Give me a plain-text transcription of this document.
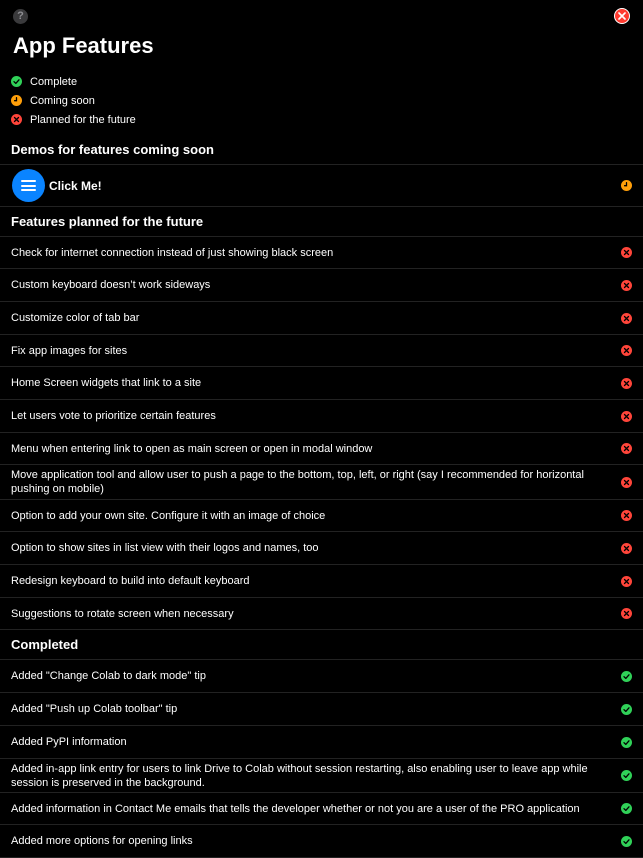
?
App Features
Complete
Coming soon
Planned for the future
Demos for features coming soon
Click Me!
Features planned for the future
Check for internet connection instead of just showing black screen
Custom keyboard doesn’t work sideways
Customize color of tab bar
Fix app images for sites
Home Screen widgets that link to a site
Let users vote to prioritize certain features
Menu when entering link to open as main screen or open in modal window
Move application tool and allow user to push a page to the bottom, top, left, or right (say I recommended for horizontal pushing on mobile)
Option to add your own site. Configure it with an image of choice
Option to show sites in list view with their logos and names, too
Redesign keyboard to build into default keyboard
Suggestions to rotate screen when necessary
Completed
Added "Change Colab to dark mode" tip
Added "Push up Colab toolbar" tip
Added PyPI information
Added in-app link entry for users to link Drive to Colab without session restarting, also enabling user to leave app while session is preserved in the background.
Added information in Contact Me emails that tells the developer whether or not you are a user of the PRO application
Added more options for opening links
